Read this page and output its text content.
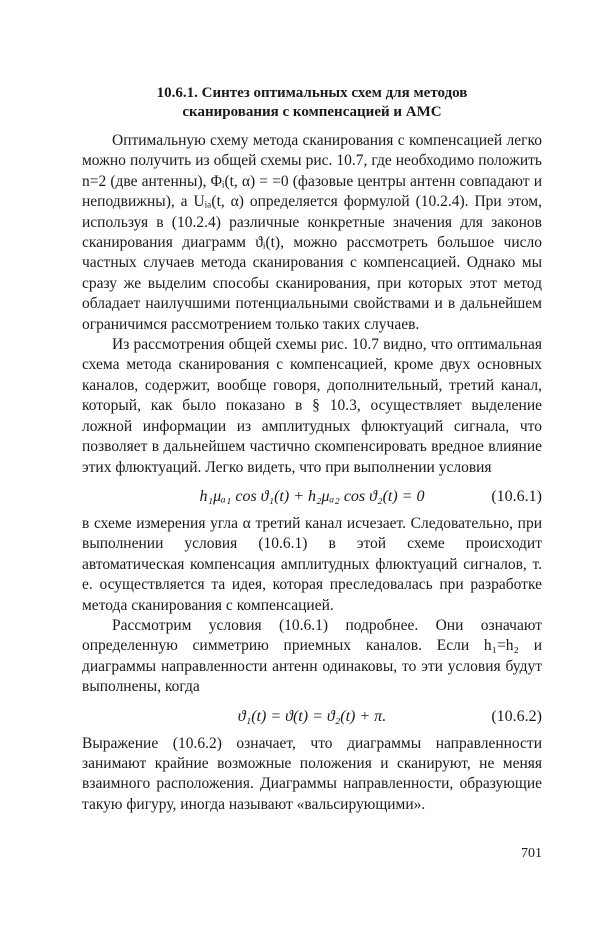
10.6.1. Синтез оптимальных схем для методов
сканирования с компенсацией и АМС

Оптимальную схему метода сканирования с компенсацией легко можно получить из общей схемы рис. 10.7, где необходимо положить n=2 (две антенны), Φᵢ(t, α) = =0 (фазовые центры антенн совпадают и неподвижны), а Uᵢₐ(t, α) определяется формулой (10.2.4). При этом, используя в (10.2.4) различные конкретные значения для законов сканирования диаграмм ϑᵢ(t), можно рассмотреть большое число частных случаев метода сканирования с компенсацией. Однако мы сразу же выделим способы сканирования, при которых этот метод обладает наилучшими потенциальными свойствами и в дальнейшем ограничимся рассмотрением только таких случаев.

Из рассмотрения общей схемы рис. 10.7 видно, что оптимальная схема метода сканирования с компенсацией, кроме двух основных каналов, содержит, вообще говоря, дополнительный, третий канал, который, как было показано в § 10.3, осуществляет выделение ложной информации из амплитудных флюктуаций сигнала, что позволяет в дальнейшем частично скомпенсировать вредное влияние этих флюктуаций. Легко видеть, что при выполнении условия

h₁μₐ₁ cos ϑ₁(t) + h₂μₐ₂ cos ϑ₂(t) = 0	(10.6.1)

в схеме измерения угла α третий канал исчезает. Следовательно, при выполнении условия (10.6.1) в этой схеме происходит автоматическая компенсация амплитудных флюктуаций сигналов, т. е. осуществляется та идея, которая преследовалась при разработке метода сканирования с компенсацией.

Рассмотрим условия (10.6.1) подробнее. Они означают определенную симметрию приемных каналов. Если h₁=h₂ и диаграммы направленности антенн одинаковы, то эти условия будут выполнены, когда

ϑ₁(t) = ϑ(t) = ϑ₂(t) + π.	(10.6.2)

Выражение (10.6.2) означает, что диаграммы направленности занимают крайние возможные положения и сканируют, не меняя взаимного расположения. Диаграммы направленности, образующие такую фигуру, иногда называют «вальсирующими».

701
